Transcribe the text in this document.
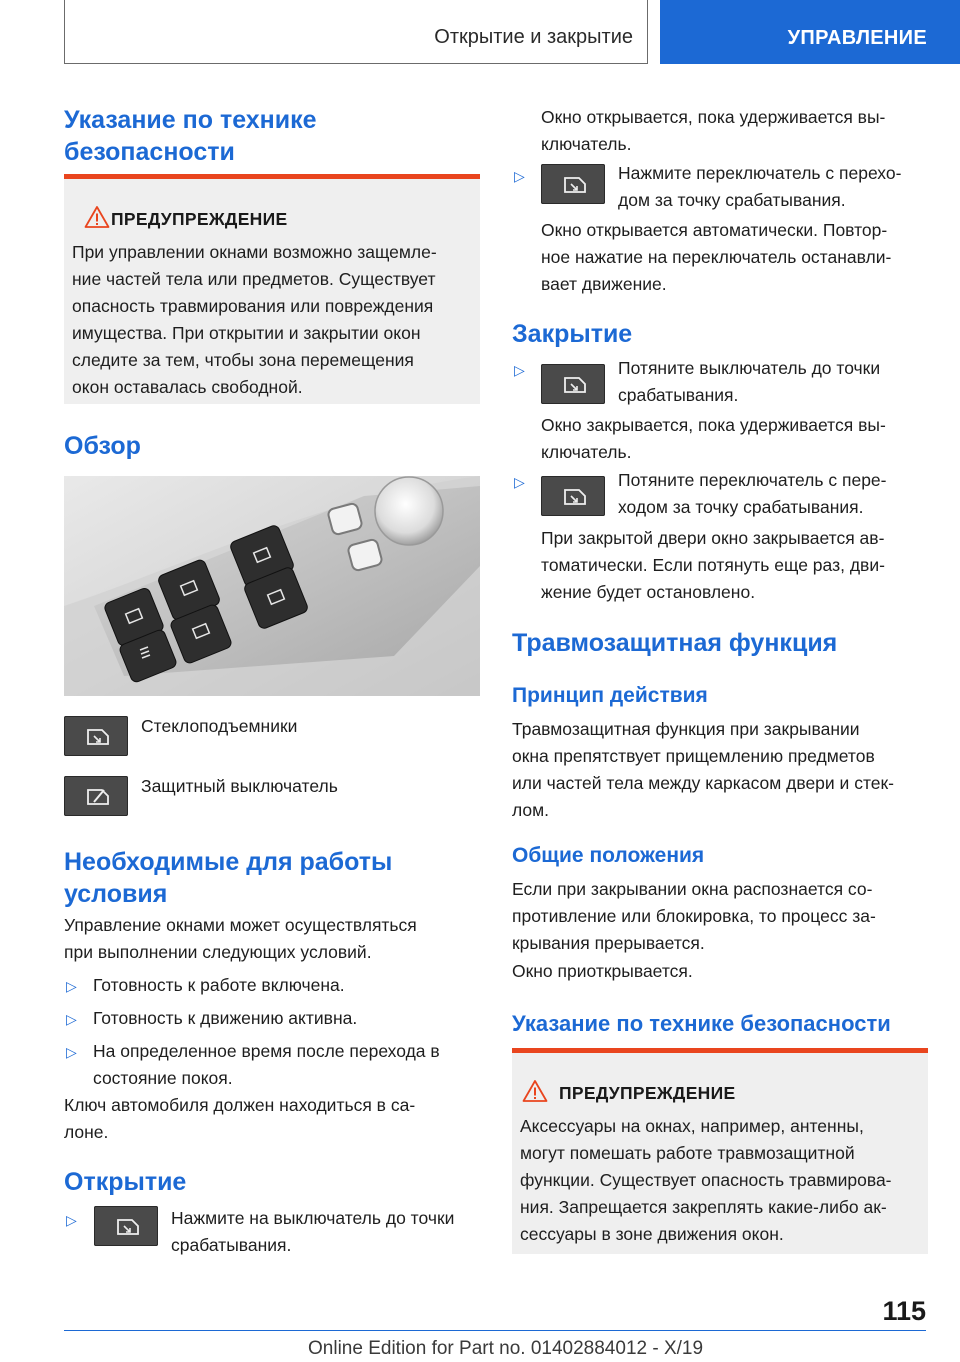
Открытие и закрытие	УПРАВЛЕНИЕ
Указание по технике
безопасности
ПРЕДУПРЕЖДЕНИЕ
При управлении окнами возможно защемле-
ние частей тела или предметов. Существует
опасность травмирования или повреждения
имущества. При открытии и закрытии окон
следите за тем, чтобы зона перемещения
окон оставалась свободной.
Обзор
Стеклоподъемники
Защитный выключатель
Необходимые для работы
условия
Управление окнами может осуществляться
при выполнении следующих условий.
▷ Готовность к работе включена.
▷ Готовность к движению активна.
▷ На определенное время после перехода в
состояние покоя.
Ключ автомобиля должен находиться в са-
лоне.
Открытие
▷	Нажмите на выключатель до точки
срабатывания.
Окно открывается, пока удерживается вы-
ключатель.
▷	Нажмите переключатель с перехо-
дом за точку срабатывания.
Окно открывается автоматически. Повтор-
ное нажатие на переключатель останавли-
вает движение.
Закрытие
▷	Потяните выключатель до точки
срабатывания.
Окно закрывается, пока удерживается вы-
ключатель.
▷	Потяните переключатель с пере-
ходом за точку срабатывания.
При закрытой двери окно закрывается ав-
томатически. Если потянуть еще раз, дви-
жение будет остановлено.
Травмозащитная функция
Принцип действия
Травмозащитная функция при закрывании
окна препятствует прищемлению предметов
или частей тела между каркасом двери и стек-
лом.
Общие положения
Если при закрывании окна распознается со-
противление или блокировка, то процесс за-
крывания прерывается.
Окно приоткрывается.
Указание по технике безопасности
ПРЕДУПРЕЖДЕНИЕ
Аксессуары на окнах, например, антенны,
могут помешать работе травмозащитной
функции. Существует опасность травмирова-
ния. Запрещается закреплять какие-либо ак-
сессуары в зоне движения окон.
115
Online Edition for Part no. 01402884012 - X/19
